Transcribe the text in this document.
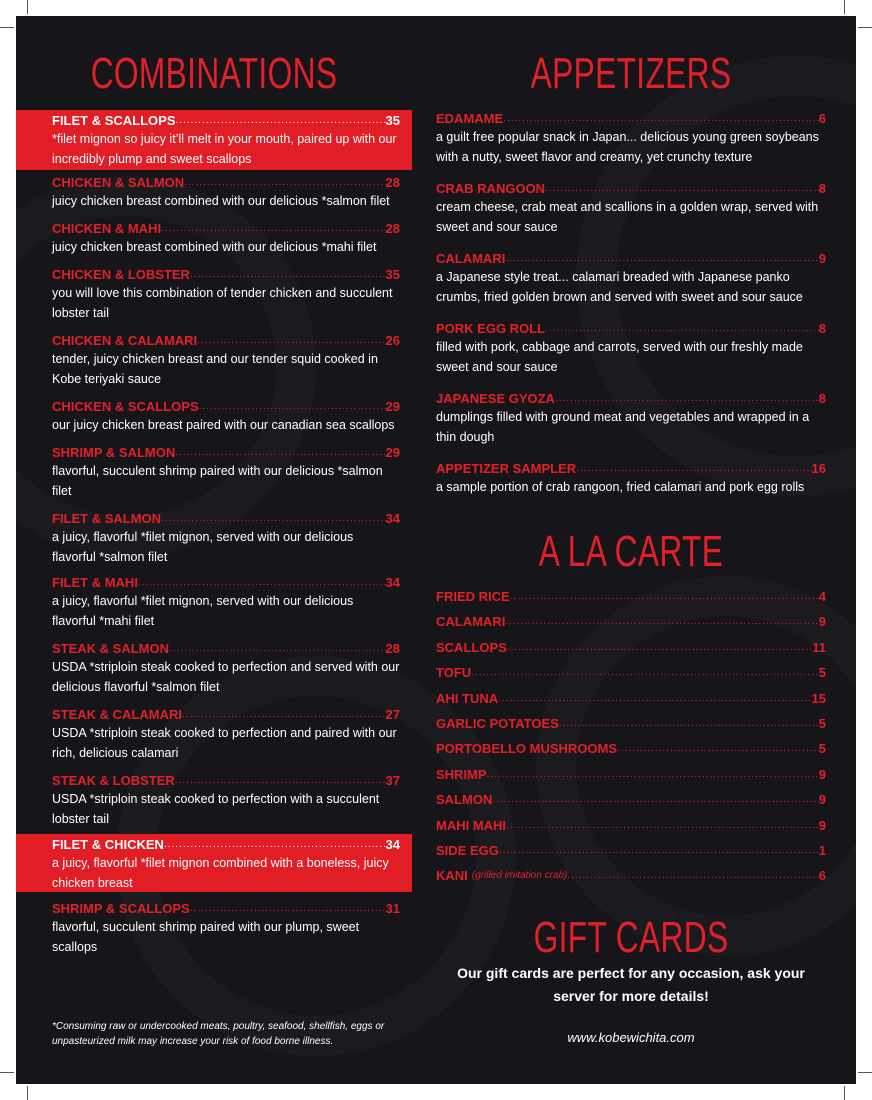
COMBINATIONS
FILET & SCALLOPS .....	35
*filet mignon so juicy it’ll melt in your mouth, paired up with our incredibly plump and sweet scallops
CHICKEN & SALMON .....	28
juicy chicken breast combined with our delicious *salmon filet
CHICKEN & MAHI .....	28
juicy chicken breast combined with our delicious *mahi filet
CHICKEN & LOBSTER .....	35
you will love this combination of tender chicken and succulent lobster tail
CHICKEN & CALAMARI .....	26
tender, juicy chicken breast and our tender squid cooked in Kobe teriyaki sauce
CHICKEN & SCALLOPS .....	29
our juicy chicken breast paired with our canadian sea scallops
SHRIMP & SALMON .....	29
flavorful, succulent shrimp paired with our delicious *salmon filet
FILET & SALMON .....	34
a juicy, flavorful *filet mignon, served with our delicious flavorful *salmon filet
FILET & MAHI .....	34
a juicy, flavorful *filet mignon, served with our delicious flavorful *mahi filet
STEAK & SALMON .....	28
USDA *striploin steak cooked to perfection and served with our delicious flavorful *salmon filet
STEAK & CALAMARI .....	27
USDA *striploin steak cooked to perfection and paired with our rich, delicious calamari
STEAK & LOBSTER .....	37
USDA *striploin steak cooked to perfection with a succulent lobster tail
FILET & CHICKEN .....	34
a juicy, flavorful *filet mignon combined with a boneless, juicy chicken breast
SHRIMP & SCALLOPS .....	31
flavorful, succulent shrimp paired with our plump, sweet scallops
*Consuming raw or undercooked meats, poultry, seafood, shellfish, eggs or unpasteurized milk may increase your risk of food borne illness.
APPETIZERS
EDAMAME .....	6
a guilt free popular snack in Japan... delicious young green soybeans with a nutty, sweet flavor and creamy, yet crunchy texture
CRAB RANGOON .....	8
cream cheese, crab meat and scallions in a golden wrap, served with sweet and sour sauce
CALAMARI .....	9
a Japanese style treat... calamari breaded with Japanese panko crumbs, fried golden brown and served with sweet and sour sauce
PORK EGG ROLL .....	8
filled with pork, cabbage and carrots, served with our freshly made sweet and sour sauce
JAPANESE GYOZA .....	8
dumplings filled with ground meat and vegetables and wrapped in a thin dough
APPETIZER SAMPLER .....	16
a sample portion of crab rangoon, fried calamari and pork egg rolls
A LA CARTE
FRIED RICE .....	4
CALAMARI .....	9
SCALLOPS .....	11
TOFU .....	5
AHI TUNA .....	15
GARLIC POTATOES .....	5
PORTOBELLO MUSHROOMS .....	5
SHRIMP .....	9
SALMON .....	9
MAHI MAHI .....	9
SIDE EGG .....	1
KANI (grilled imitation crab) .....	6
GIFT CARDS
Our gift cards are perfect for any occasion, ask your server for more details!
www.kobewichita.com
